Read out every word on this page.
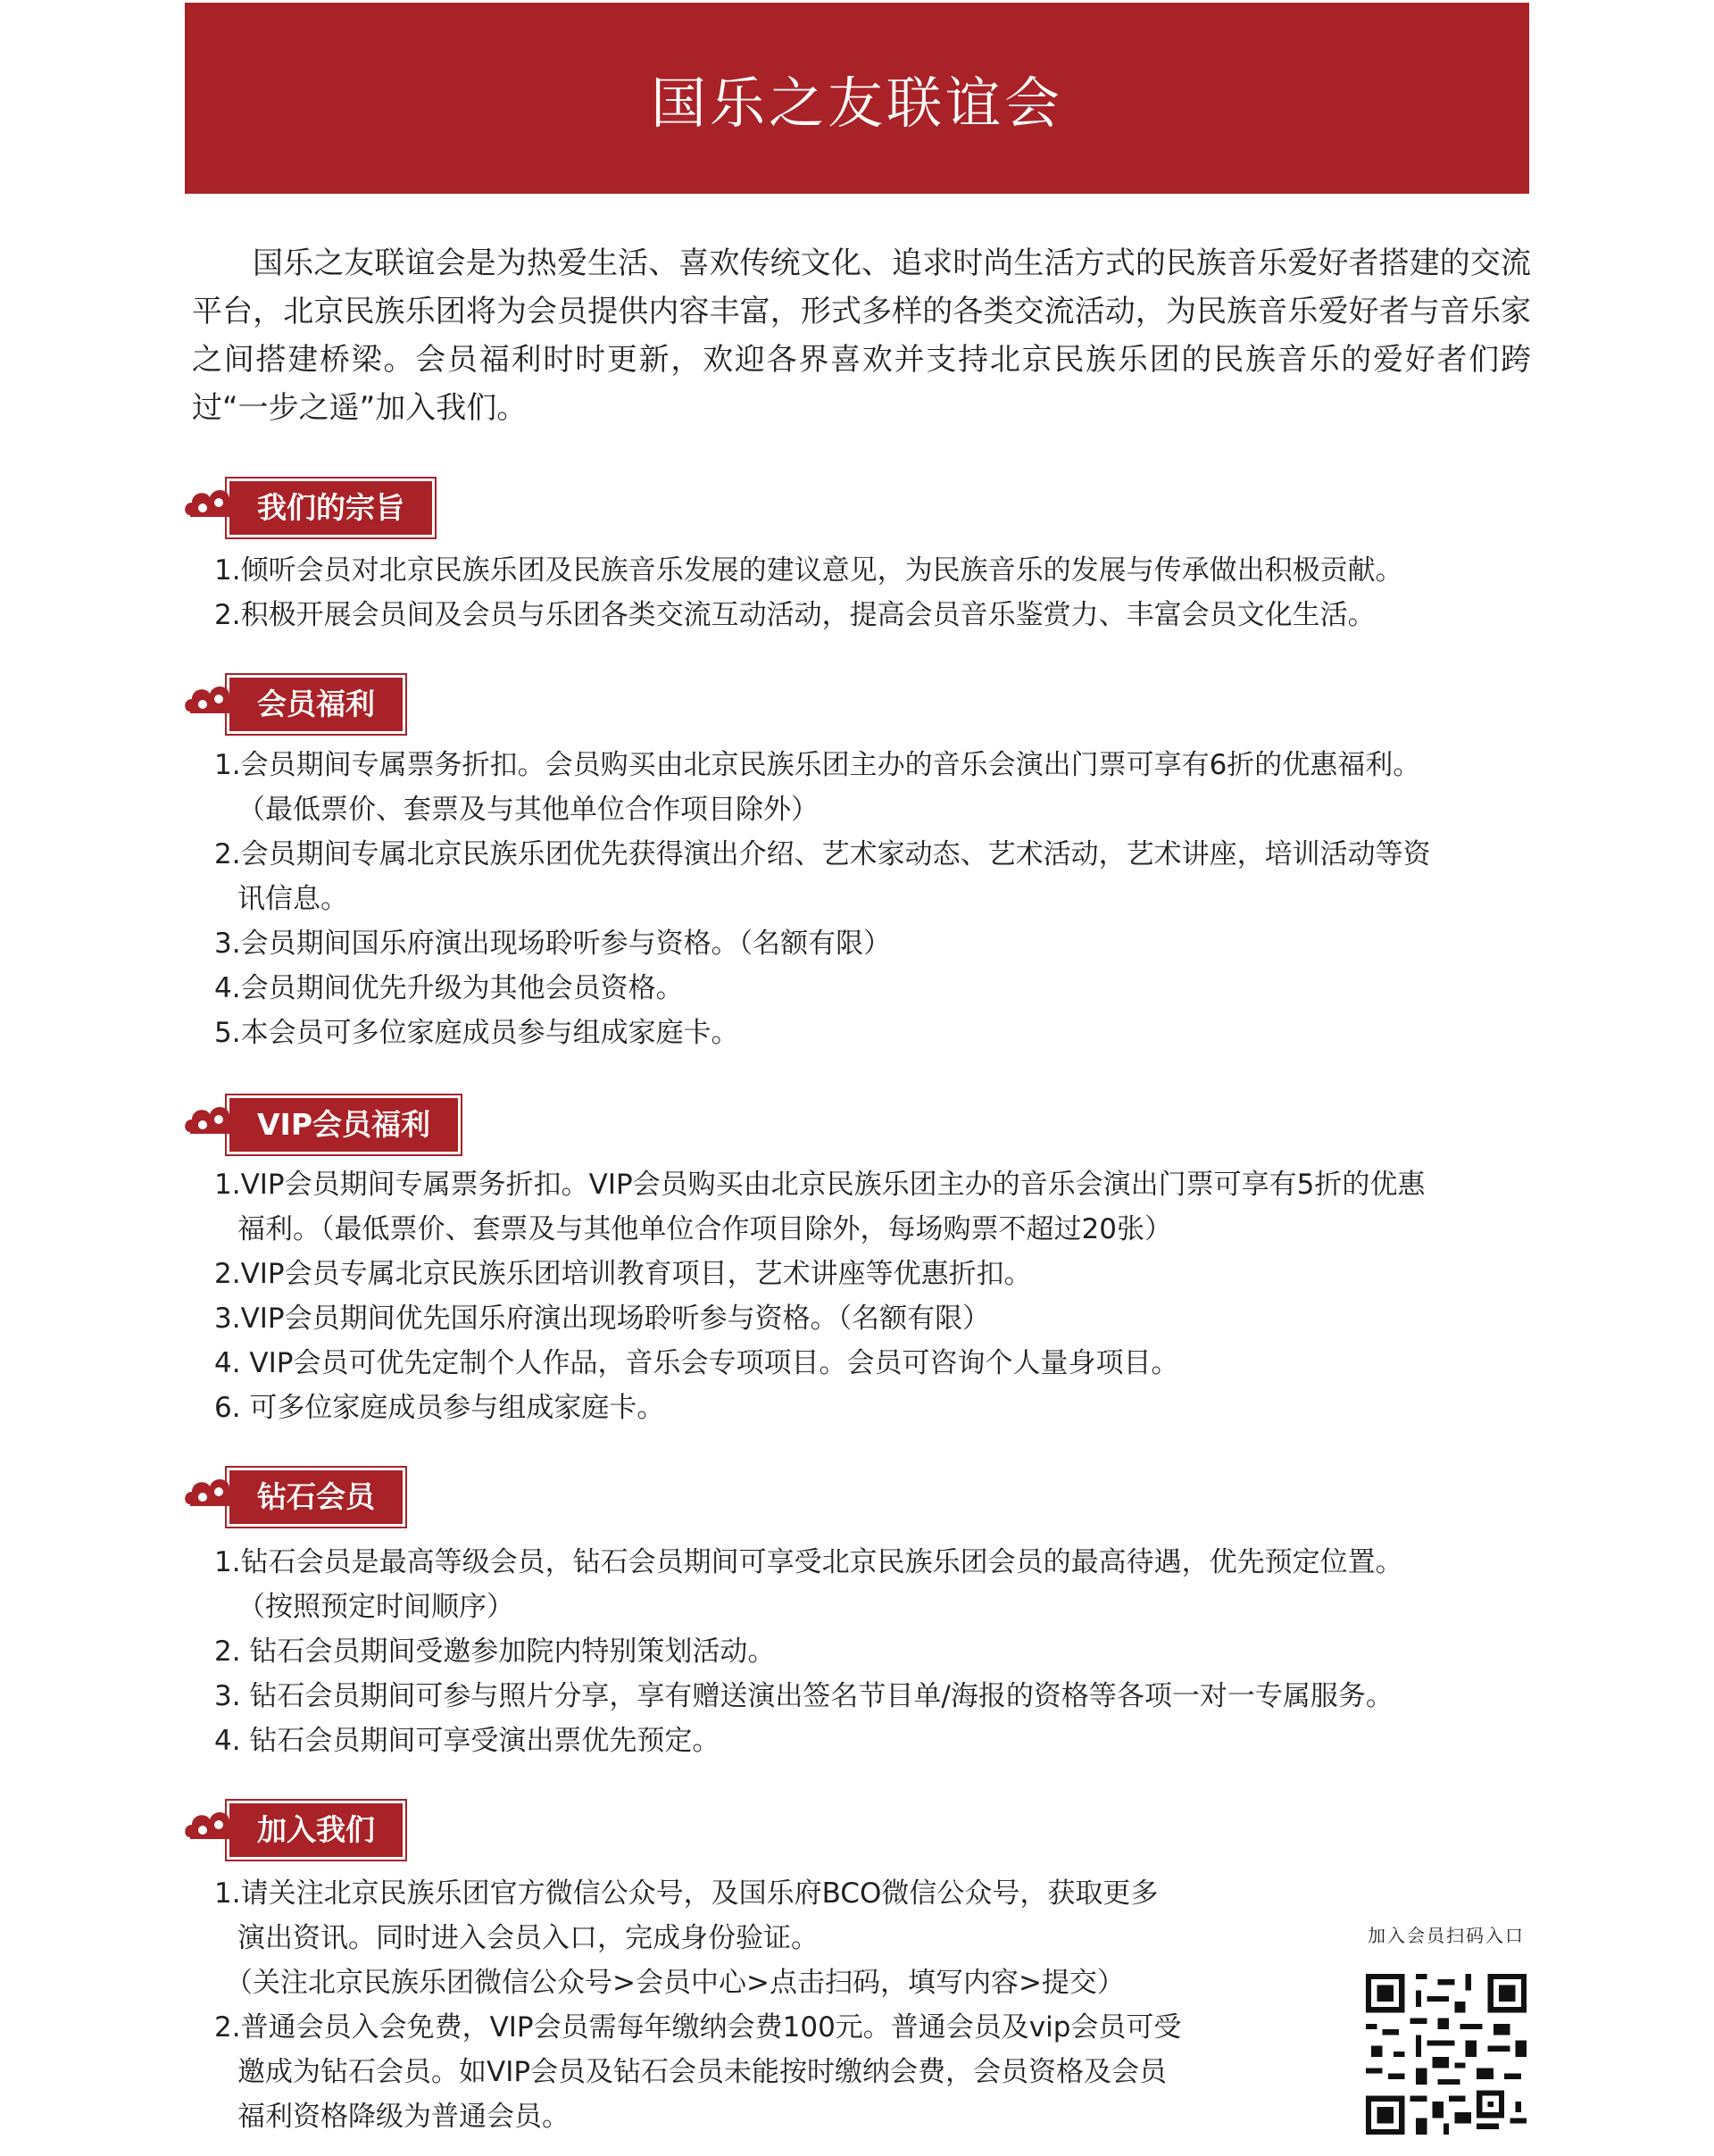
国乐之友联谊会

国乐之友联谊会是为热爱生活、喜欢传统文化、追求时尚生活方式的民族音乐爱好者搭建的交流平台，北京民族乐团将为会员提供内容丰富，形式多样的各类交流活动，为民族音乐爱好者与音乐家之间搭建桥梁。会员福利时时更新，欢迎各界喜欢并支持北京民族乐团的民族音乐的爱好者们跨过“一步之遥”加入我们。

我们的宗旨
1.倾听会员对北京民族乐团及民族音乐发展的建议意见，为民族音乐的发展与传承做出积极贡献。
2.积极开展会员间及会员与乐团各类交流互动活动，提高会员音乐鉴赏力、丰富会员文化生活。
会员福利
1.会员期间专属票务折扣。会员购买由北京民族乐团主办的音乐会演出门票可享有6折的优惠福利。
（最低票价、套票及与其他单位合作项目除外）
2.会员期间专属北京民族乐团优先获得演出介绍、艺术家动态、艺术活动，艺术讲座，培训活动等资
讯信息。
3.会员期间国乐府演出现场聆听参与资格。（名额有限）
4.会员期间优先升级为其他会员资格。
5.本会员可多位家庭成员参与组成家庭卡。
VIP会员福利
1.VIP会员期间专属票务折扣。VIP会员购买由北京民族乐团主办的音乐会演出门票可享有5折的优惠
福利。（最低票价、套票及与其他单位合作项目除外，每场购票不超过20张）
2.VIP会员专属北京民族乐团培训教育项目，艺术讲座等优惠折扣。
3.VIP会员期间优先国乐府演出现场聆听参与资格。（名额有限）
4. VIP会员可优先定制个人作品，音乐会专项项目。会员可咨询个人量身项目。
6. 可多位家庭成员参与组成家庭卡。
钻石会员
1.钻石会员是最高等级会员，钻石会员期间可享受北京民族乐团会员的最高待遇，优先预定位置。
（按照预定时间顺序）
2. 钻石会员期间受邀参加院内特别策划活动。
3. 钻石会员期间可参与照片分享，享有赠送演出签名节目单/海报的资格等各项一对一专属服务。
4. 钻石会员期间可享受演出票优先预定。
加入我们
1.请关注北京民族乐团官方微信公众号，及国乐府BCO微信公众号，获取更多
演出资讯。同时进入会员入口，完成身份验证。
（关注北京民族乐团微信公众号>会员中心>点击扫码，填写内容>提交）
2.普通会员入会免费，VIP会员需每年缴纳会费100元。普通会员及vip会员可受
邀成为钻石会员。如VIP会员及钻石会员未能按时缴纳会费，会员资格及会员
福利资格降级为普通会员。
加入会员扫码入口
